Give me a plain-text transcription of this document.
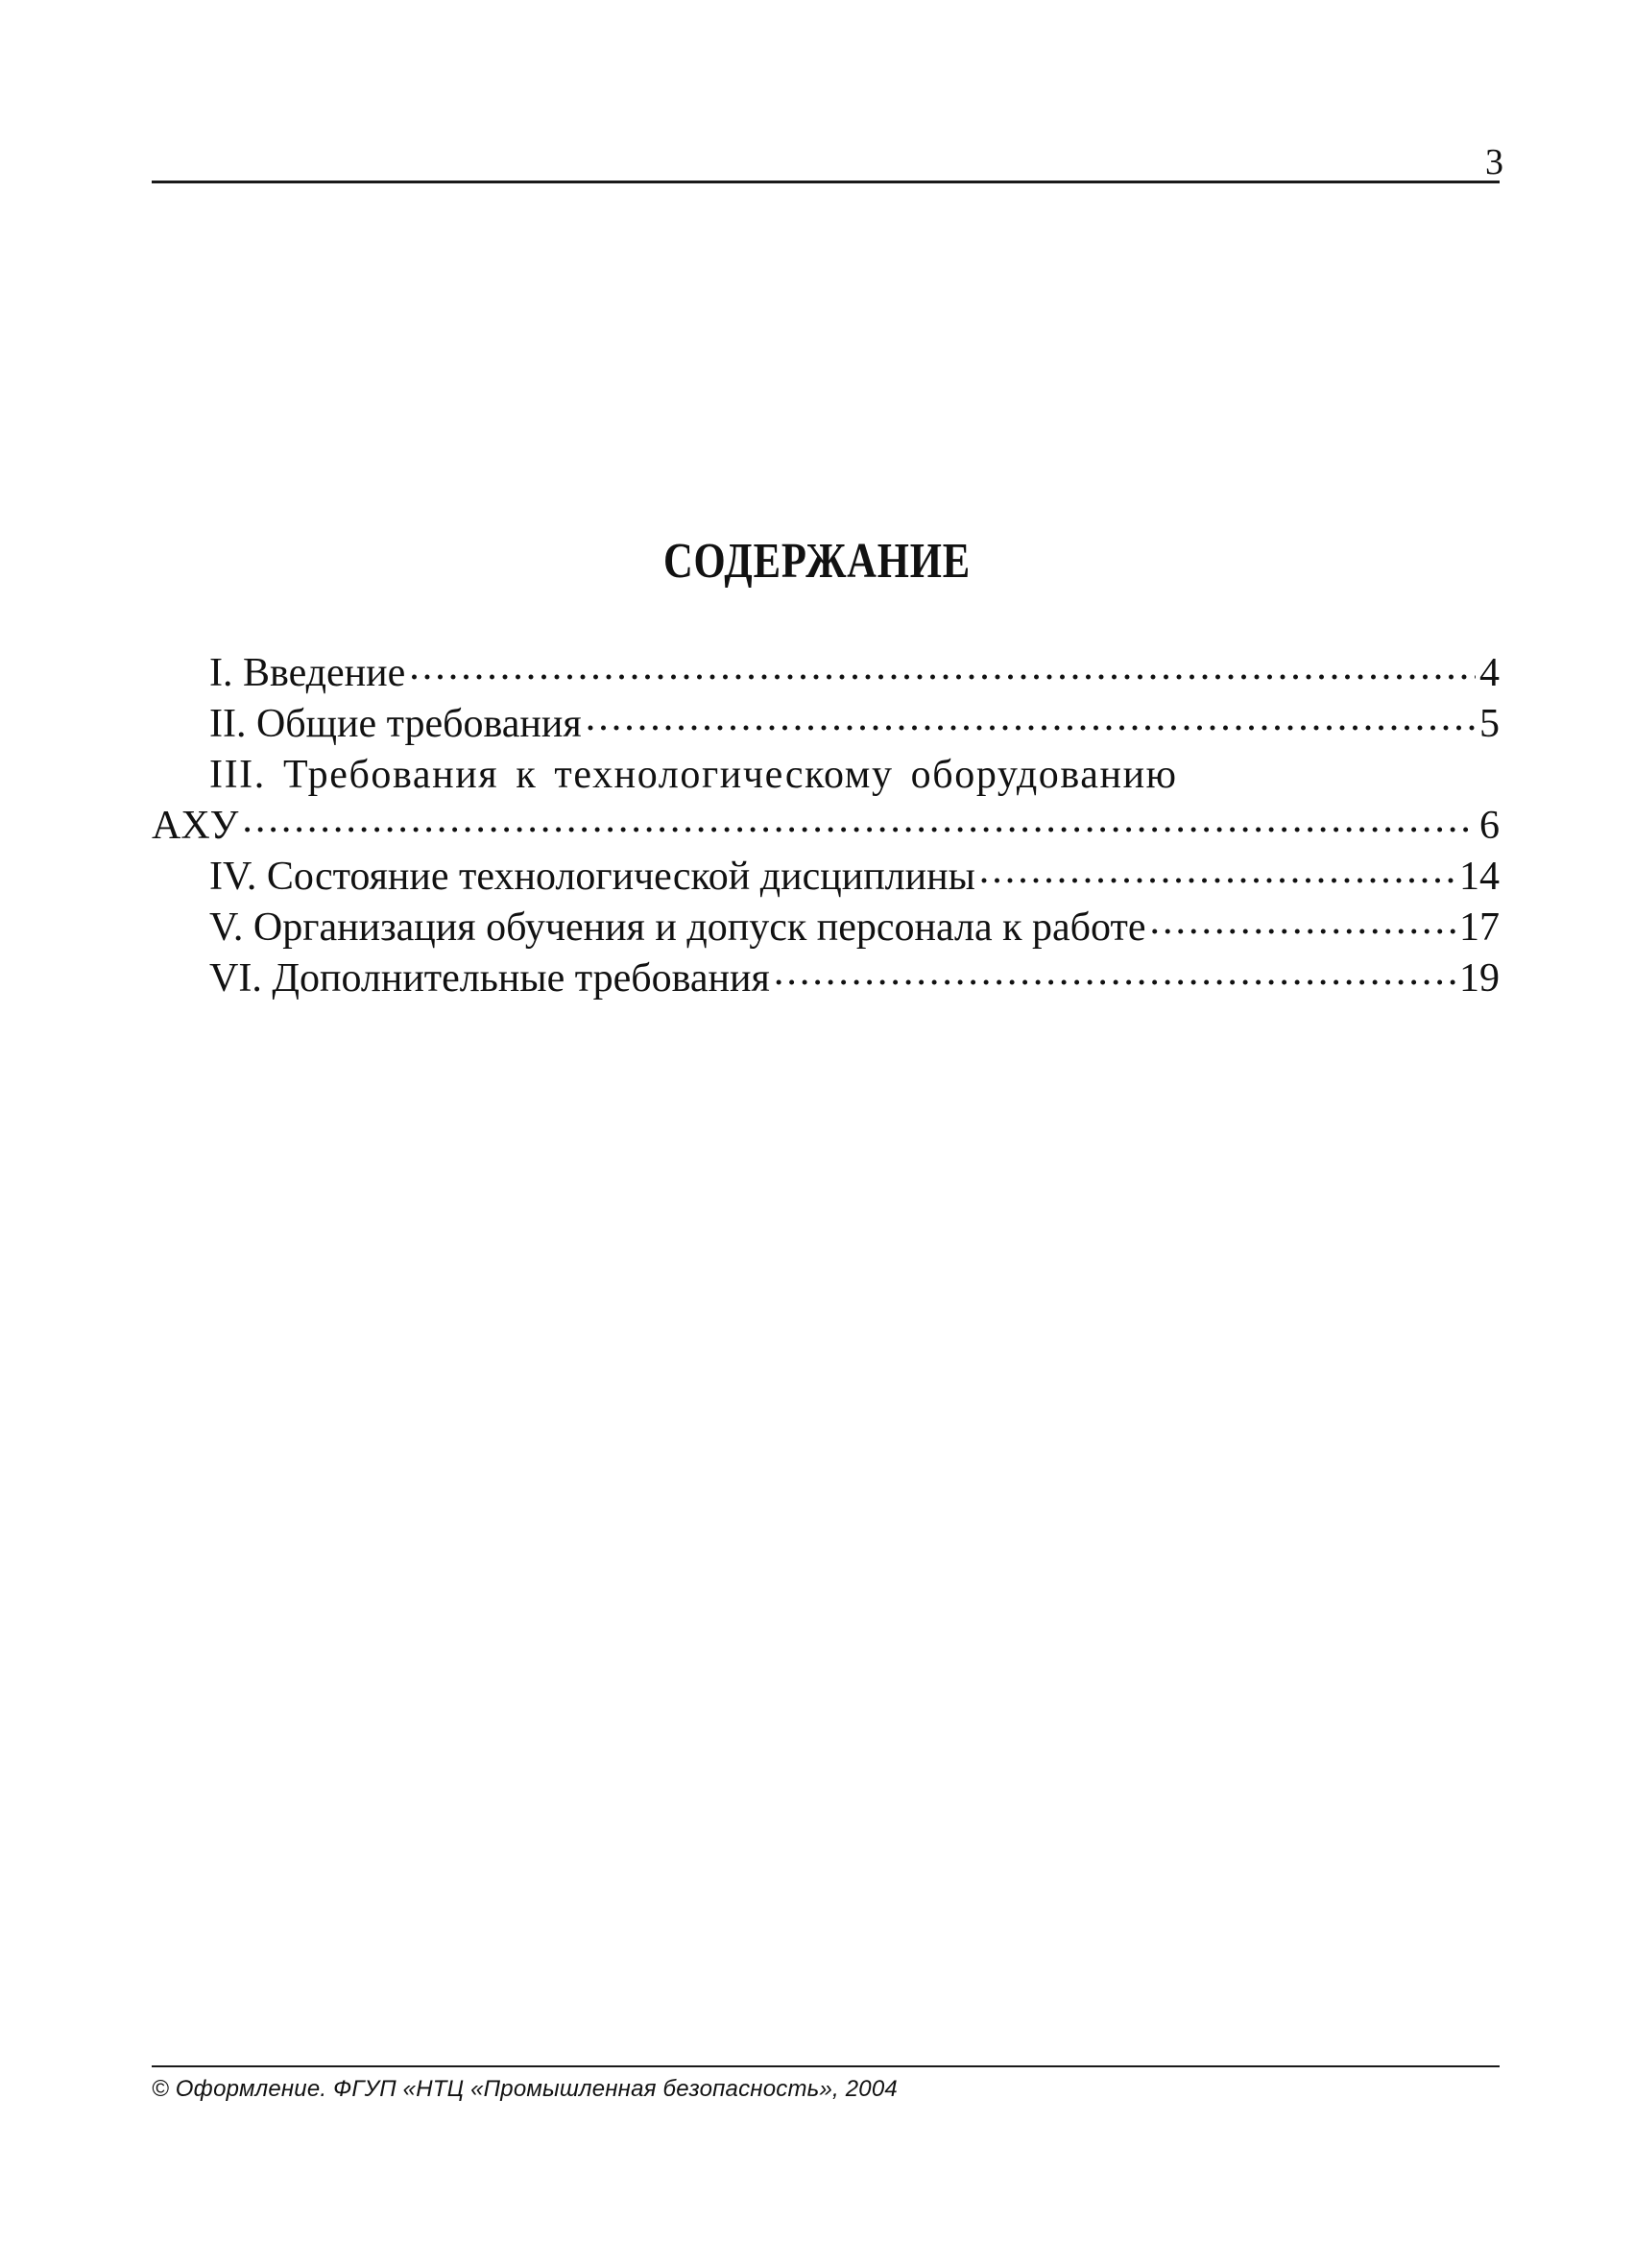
3
СОДЕРЖАНИЕ
I. Введение .....	4
II. Общие требования .....	5
III. Требования к технологическому оборудованию
АХУ .....	6
IV. Состояние технологической дисциплины .....	14
V. Организация обучения и допуск персонала к работе .....	17
VI. Дополнительные требования .....	19
© Оформление. ФГУП «НТЦ «Промышленная безопасность», 2004
